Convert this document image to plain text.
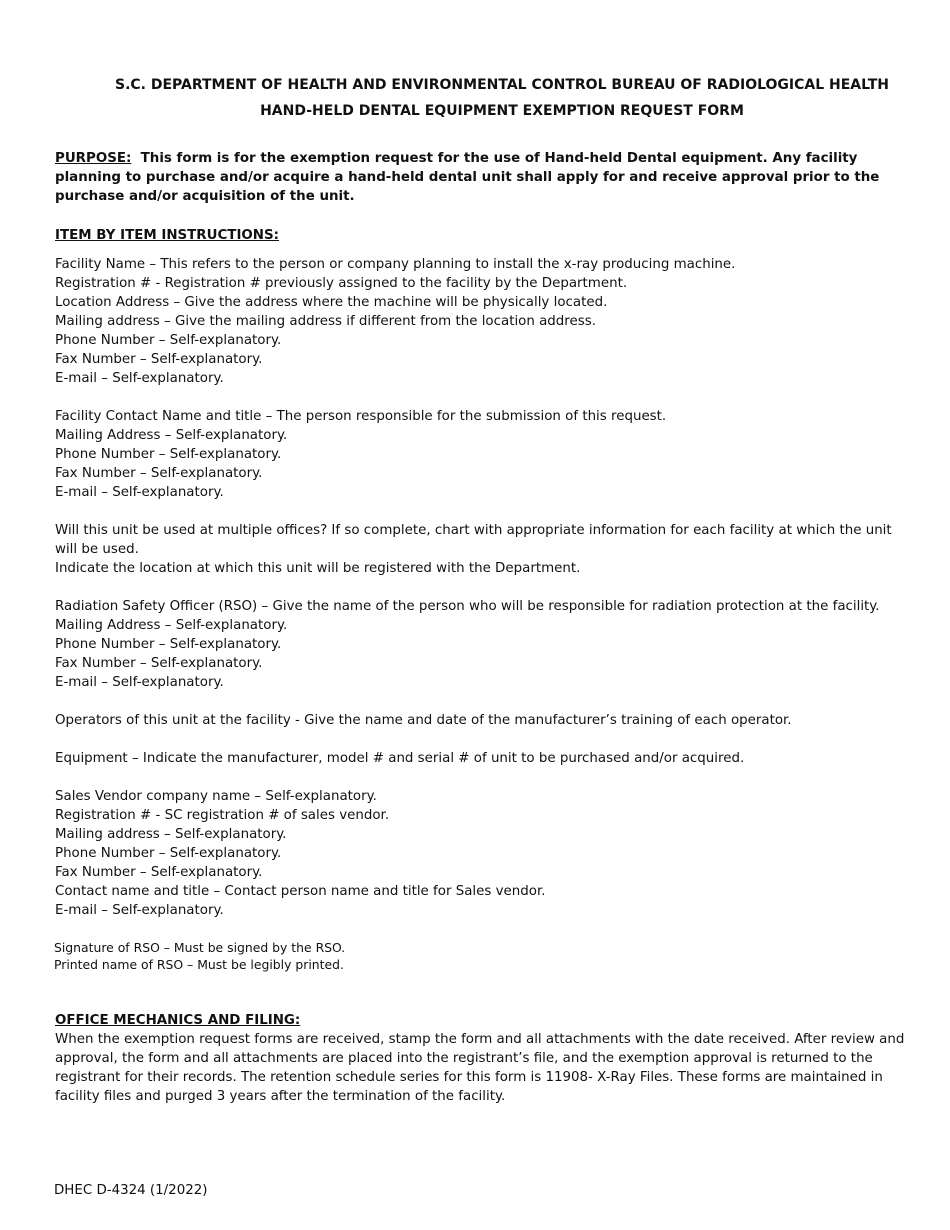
S.C. DEPARTMENT OF HEALTH AND ENVIRONMENTAL CONTROL BUREAU OF RADIOLOGICAL HEALTH
HAND-HELD DENTAL EQUIPMENT EXEMPTION REQUEST FORM
PURPOSE: This form is for the exemption request for the use of Hand-held Dental equipment. Any facility planning to purchase and/or acquire a hand-held dental unit shall apply for and receive approval prior to the purchase and/or acquisition of the unit.
ITEM BY ITEM INSTRUCTIONS:
Facility Name – This refers to the person or company planning to install the x-ray producing machine.
Registration # - Registration # previously assigned to the facility by the Department.
Location Address – Give the address where the machine will be physically located.
Mailing address – Give the mailing address if different from the location address.
Phone Number – Self-explanatory.
Fax Number – Self-explanatory.
E-mail – Self-explanatory.
Facility Contact Name and title – The person responsible for the submission of this request.
Mailing Address – Self-explanatory.
Phone Number – Self-explanatory.
Fax Number – Self-explanatory.
E-mail – Self-explanatory.
Will this unit be used at multiple offices? If so complete, chart with appropriate information for each facility at which the unit will be used.
Indicate the location at which this unit will be registered with the Department.
Radiation Safety Officer (RSO) – Give the name of the person who will be responsible for radiation protection at the facility.
Mailing Address – Self-explanatory.
Phone Number – Self-explanatory.
Fax Number – Self-explanatory.
E-mail – Self-explanatory.
Operators of this unit at the facility - Give the name and date of the manufacturer’s training of each operator.
Equipment – Indicate the manufacturer, model # and serial # of unit to be purchased and/or acquired.
Sales Vendor company name – Self-explanatory.
Registration # - SC registration # of sales vendor.
Mailing address – Self-explanatory.
Phone Number – Self-explanatory.
Fax Number – Self-explanatory.
Contact name and title – Contact person name and title for Sales vendor.
E-mail – Self-explanatory.
Signature of RSO – Must be signed by the RSO.
Printed name of RSO – Must be legibly printed.
OFFICE MECHANICS AND FILING:
When the exemption request forms are received, stamp the form and all attachments with the date received. After review and approval, the form and all attachments are placed into the registrant’s file, and the exemption approval is returned to the registrant for their records. The retention schedule series for this form is 11908- X-Ray Files. These forms are maintained in facility files and purged 3 years after the termination of the facility.
DHEC D-4324 (1/2022)
